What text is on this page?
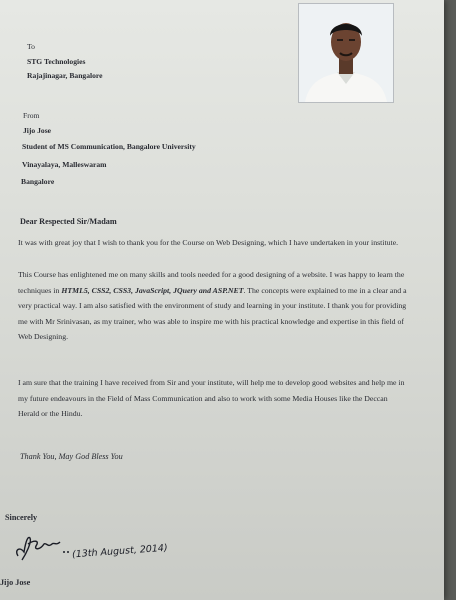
To
STG Technologies
Rajajinagar, Bangalore
From
Jijo Jose
Student of MS Communication, Bangalore University
Vinayalaya, Malleswaram
Bangalore
Dear Respected Sir/Madam
It was with great joy that I wish to thank you for the Course on Web Designing, which I have undertaken in your institute.
This Course has enlightened me on many skills and tools needed for a good designing of a website. I was happy to learn the techniques in HTML5, CSS2, CSS3, JavaScript, JQuery and ASP.NET. The concepts were explained to me in a clear and a very practical way. I am also satisfied with the environment of study and learning in your institute. I thank you for providing me with Mr Srinivasan, as my trainer, who was able to inspire me with his practical knowledge and expertise in this field of Web Designing.
I am sure that the training I have received from Sir and your institute, will help me to develop good websites and help me in my future endeavours in the Field of Mass Communication and also to work with some Media Houses like the Deccan Herald or the Hindu.
Thank You, May God Bless You
Sincerely
(13th August, 2014)
Jijo Jose
